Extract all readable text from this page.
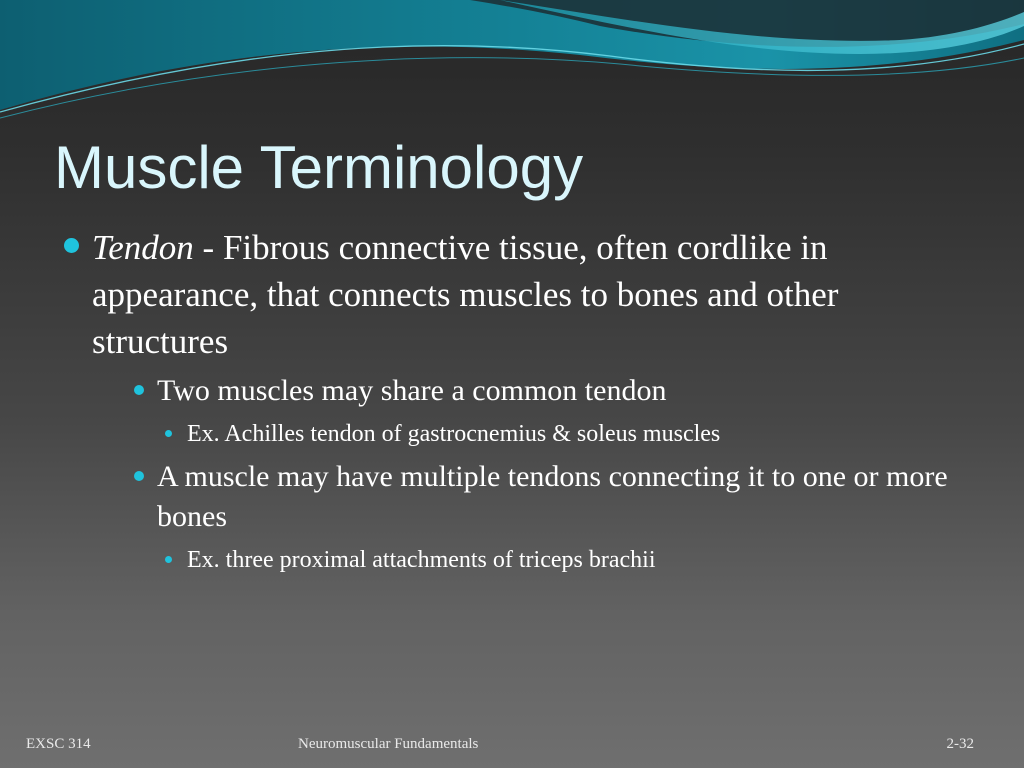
Muscle Terminology
Tendon - Fibrous connective tissue, often cordlike in appearance, that connects muscles to bones and other structures
Two muscles may share a common tendon
Ex. Achilles tendon of gastrocnemius & soleus muscles
A muscle may have multiple tendons connecting it to one or more bones
Ex. three proximal attachments of triceps brachii
EXSC 314	Neuromuscular Fundamentals	2-32
